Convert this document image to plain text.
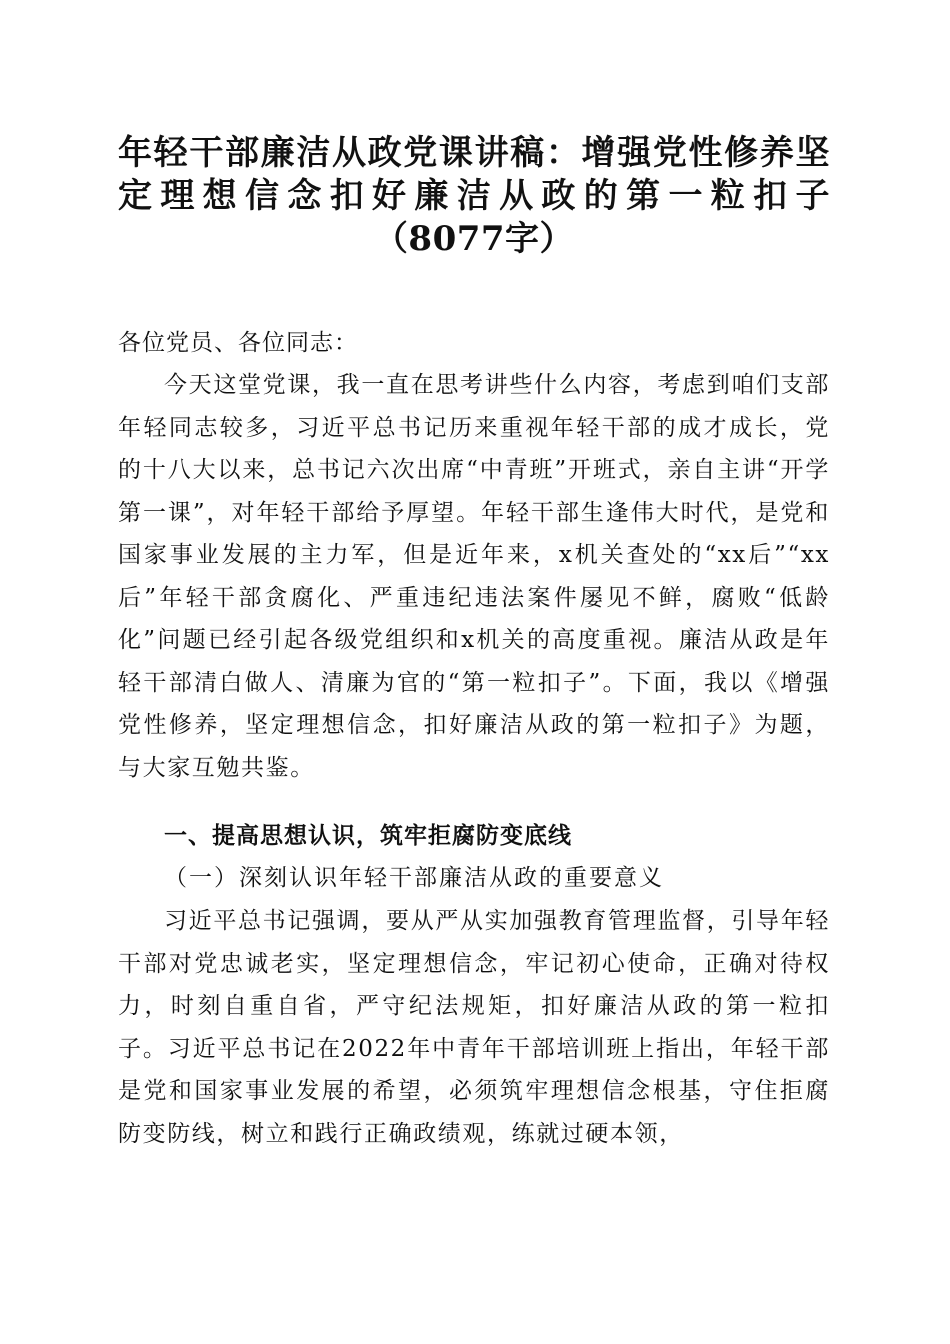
年轻干部廉洁从政党课讲稿：增强党性修养坚定理想信念扣好廉洁从政的第一粒扣子（8077字）
各位党员、各位同志：
今天这堂党课，我一直在思考讲些什么内容，考虑到咱们支部年轻同志较多，习近平总书记历来重视年轻干部的成才成长，党的十八大以来，总书记六次出席“中青班”开班式，亲自主讲“开学第一课”，对年轻干部给予厚望。年轻干部生逢伟大时代，是党和国家事业发展的主力军，但是近年来，x机关查处的“xx后”“xx后”年轻干部贪腐化、严重违纪违法案件屡见不鲜，腐败“低龄化”问题已经引起各级党组织和x机关的高度重视。廉洁从政是年轻干部清白做人、清廉为官的“第一粒扣子”。下面，我以《增强党性修养，坚定理想信念，扣好廉洁从政的第一粒扣子》为题，与大家互勉共鉴。
一、提高思想认识，筑牢拒腐防变底线
（一）深刻认识年轻干部廉洁从政的重要意义
习近平总书记强调，要从严从实加强教育管理监督，引导年轻干部对党忠诚老实，坚定理想信念，牢记初心使命，正确对待权力，时刻自重自省，严守纪法规矩，扣好廉洁从政的第一粒扣子。习近平总书记在2022年中青年干部培训班上指出，年轻干部是党和国家事业发展的希望，必须筑牢理想信念根基，守住拒腐防变防线，树立和践行正确政绩观，练就过硬本领，
